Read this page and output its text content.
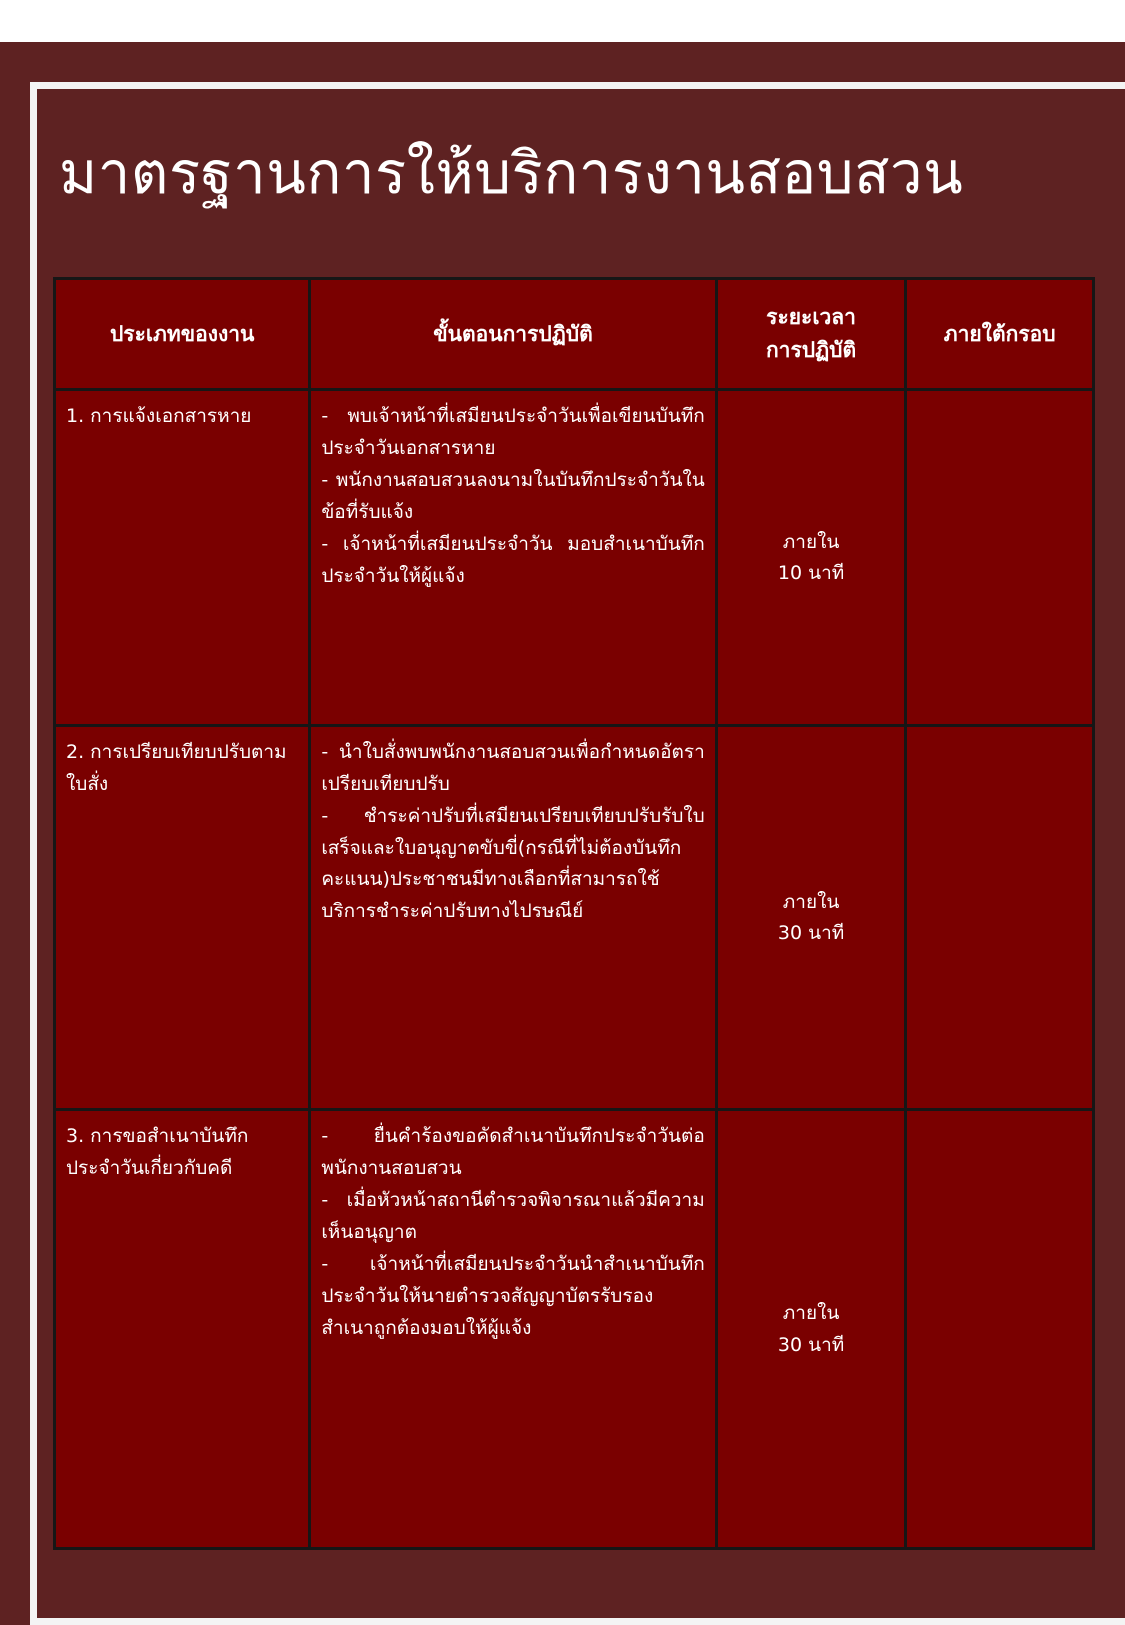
มาตรฐานการให้บริการงานสอบสวน
ประเภทของงาน	ขั้นตอนการปฏิบัติ	ระยะเวลา
การปฏิบัติ	ภายใต้กรอบ
1. การแจ้งเอกสารหาย	- พบเจ้าหน้าที่เสมียนประจำวันเพื่อเขียนบันทึกประจำวันเอกสารหาย
- พนักงานสอบสวนลงนามในบันทึกประจำวันในข้อที่รับแจ้ง
- เจ้าหน้าที่เสมียนประจำวัน มอบสำเนาบันทึกประจำวันให้ผู้แจ้ง	ภายใน
10 นาที	
2. การเปรียบเทียบปรับตามใบสั่ง	- นำใบสั่งพบพนักงานสอบสวนเพื่อกำหนดอัตราเปรียบเทียบปรับ
- ชำระค่าปรับที่เสมียนเปรียบเทียบปรับรับใบเสร็จและใบอนุญาตขับขี่(กรณีที่ไม่ต้องบันทึกคะแนน)ประชาชนมีทางเลือกที่สามารถใช้บริการชำระค่าปรับทางไปรษณีย์	ภายใน
30 นาที	
3. การขอสำเนาบันทึกประจำวันเกี่ยวกับคดี	- ยื่นคำร้องขอคัดสำเนาบันทึกประจำวันต่อพนักงานสอบสวน
- เมื่อหัวหน้าสถานีตำรวจพิจารณาแล้วมีความเห็นอนุญาต
- เจ้าหน้าที่เสมียนประจำวันนำสำเนาบันทึกประจำวันให้นายตำรวจสัญญาบัตรรับรองสำเนาถูกต้องมอบให้ผู้แจ้ง	ภายใน
30 นาที	
